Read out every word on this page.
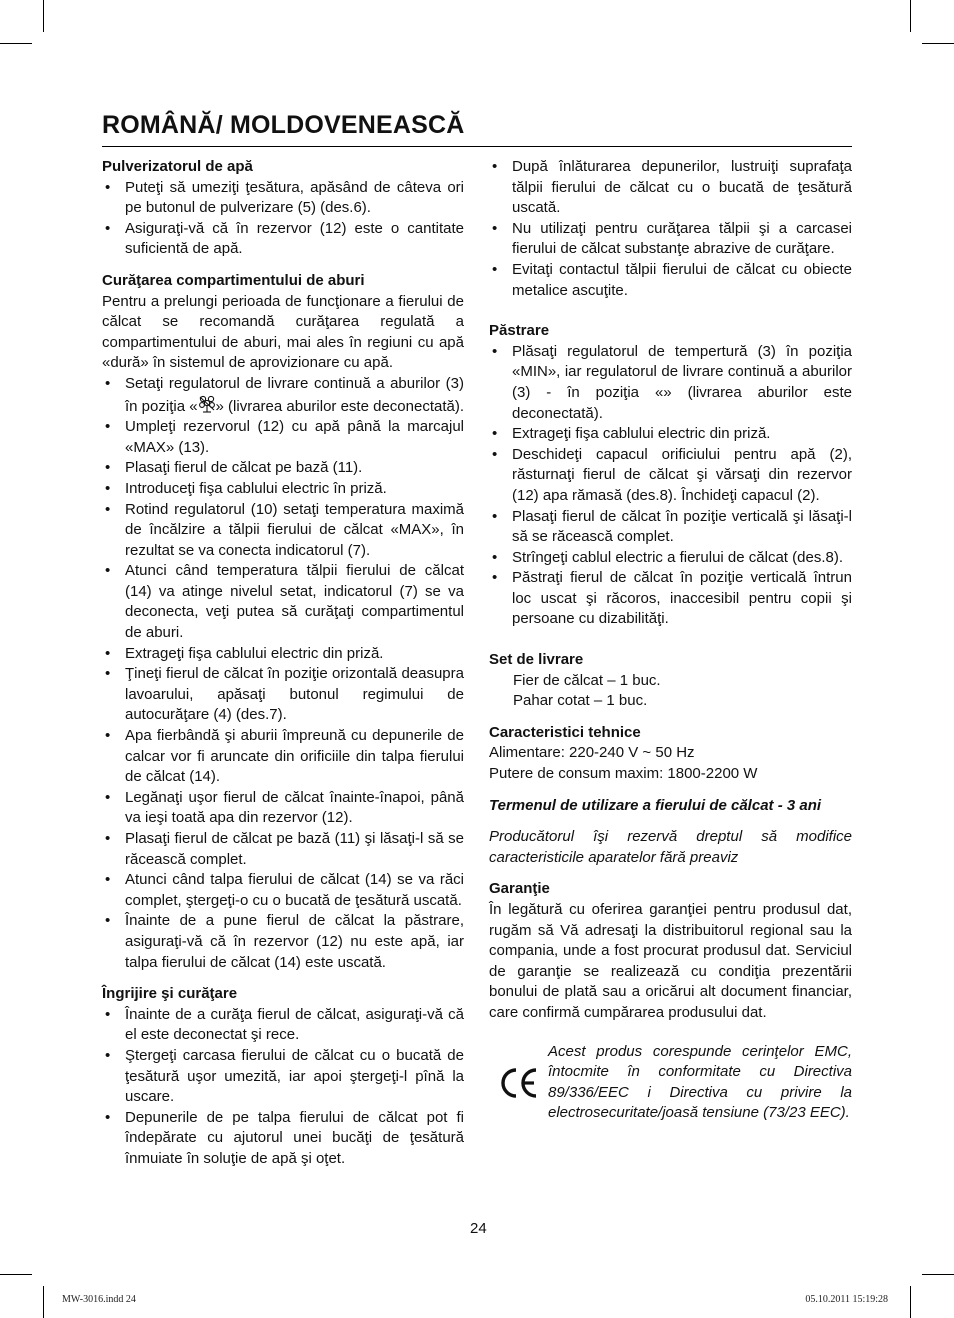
ROMÂNĂ/ MOLDOVENEASCĂ
Pulverizatorul de apă
• Puteţi să umeziţi ţesătura, apăsând de câteva ori pe butonul de pulverizare (5) (des.6).
• Asiguraţi-vă că în rezervor (12) este o cantitate suficientă de apă.
Curăţarea compartimentului de aburi

Pentru a prelungi perioada de funcţionare a fierului de călcat se recomandă curăţarea regulată a compartimentului de aburi, mai ales în regiuni cu apă «dură» în sistemul de aprovizionare cu apă.

• Setaţi regulatorul de livrare continuă a aburilor (3) în poziţia « » (livrarea aburilor este deconectată).
• Umpleţi rezervorul (12) cu apă până la marcajul «MAX» (13).
• Plasaţi fierul de călcat pe bază (11).
• Introduceţi fişa cablului electric în priză.
• Rotind regulatorul (10) setaţi temperatura maximă de încălzire a tălpii fierului de călcat «MAX», în rezultat se va conecta indicatorul (7).
• Atunci când temperatura tălpii fierului de călcat (14) va atinge nivelul setat, indicatorul (7) se va deconecta, veţi putea să curăţaţi compartimentul de aburi.
• Extrageţi fişa cablului electric din priză.
• Ţineţi fierul de călcat în poziţie orizontală deasupra lavoarului, apăsaţi butonul regimului de autocurăţare (4) (des.7).
• Apa fierbândă şi aburii împreună cu depunerile de calcar vor fi aruncate din orificiile din talpa fierului de călcat (14).
• Legănaţi uşor fierul de călcat înainte-înapoi, până va ieşi toată apa din rezervor (12).
• Plasaţi fierul de călcat pe bază (11) şi lăsaţi-l să se răcească complet.
• Atunci când talpa fierului de călcat (14) se va răci complet, ştergeţi-o cu o bucată de ţesătură uscată.
• Înainte de a pune fierul de călcat la păstrare, asiguraţi-vă că în rezervor (12) nu este apă, iar talpa fierului de călcat (14) este uscată.
Îngrijire şi curăţare
• Înainte de a curăţa fierul de călcat, asiguraţi-vă că el este deconectat şi rece.
• Ştergeţi carcasa fierului de călcat cu o bucată de ţesătură uşor umezită, iar apoi ştergeţi-l pînă la uscare.
• Depunerile de pe talpa fierului de călcat pot fi îndepărate cu ajutorul unei bucăţi de ţesătură înmuiate în soluţie de apă şi oţet.
• După înlăturarea depunerilor, lustruiţi suprafaţa tălpii fierului de călcat cu o bucată de ţesătură uscată.
• Nu utilizaţi pentru curăţarea tălpii şi a carcasei fierului de călcat substanţe abrazive de curăţare.
• Evitaţi contactul tălpii fierului de călcat cu obiecte metalice ascuţite.
Păstrare
• Plăsaţi regulatorul de tempertură (3) în poziţia «MIN», iar regulatorul de livrare continuă a aburilor (3) - în poziţia «» (livrarea aburilor este deconectată).
• Extrageţi fişa cablului electric din priză.
• Deschideţi capacul orificiului pentru apă (2), răsturnaţi fierul de călcat şi vărsaţi din rezervor (12) apa rămasă (des.8). Închideţi capacul (2).
• Plasaţi fierul de călcat în poziţie verticală şi lăsaţi-l să se răcească complet.
• Strîngeţi cablul electric a fierului de călcat (des.8).
• Păstraţi fierul de călcat în poziţie verticală întrun loc uscat şi răcoros, inaccesibil pentru copii şi persoane cu dizabilităţi.
Set de livrare

Fier de călcat – 1 buc.

Pahar cotat – 1 buc.

Caracteristici tehnice

Alimentare: 220-240 V ~ 50 Hz

Putere de consum maxim: 1800-2200 W

Termenul de utilizare a fierului de călcat - 3 ani

Producătorul îşi rezervă dreptul să modifice caracteristicile aparatelor fără preaviz

Garanţie

În legătură cu oferirea garanţiei pentru produsul dat, rugăm să Vă adresaţi la distribuitorul regional sau la compania, unde a fost procurat produsul dat. Serviciul de garanţie se realizează cu condiţia prezentării bonului de plată sau a oricărui alt document financiar, care confirmă cumpărarea produsului dat.

Acest produs corespunde cerinţelor EMC, întocmite în conformitate cu Directiva 89/336/EEC i Directiva cu privire la electrosecuritate/joasă tensiune (73/23 EEC).

24
MW-3016.indd 24	05.10.2011 15:19:28
